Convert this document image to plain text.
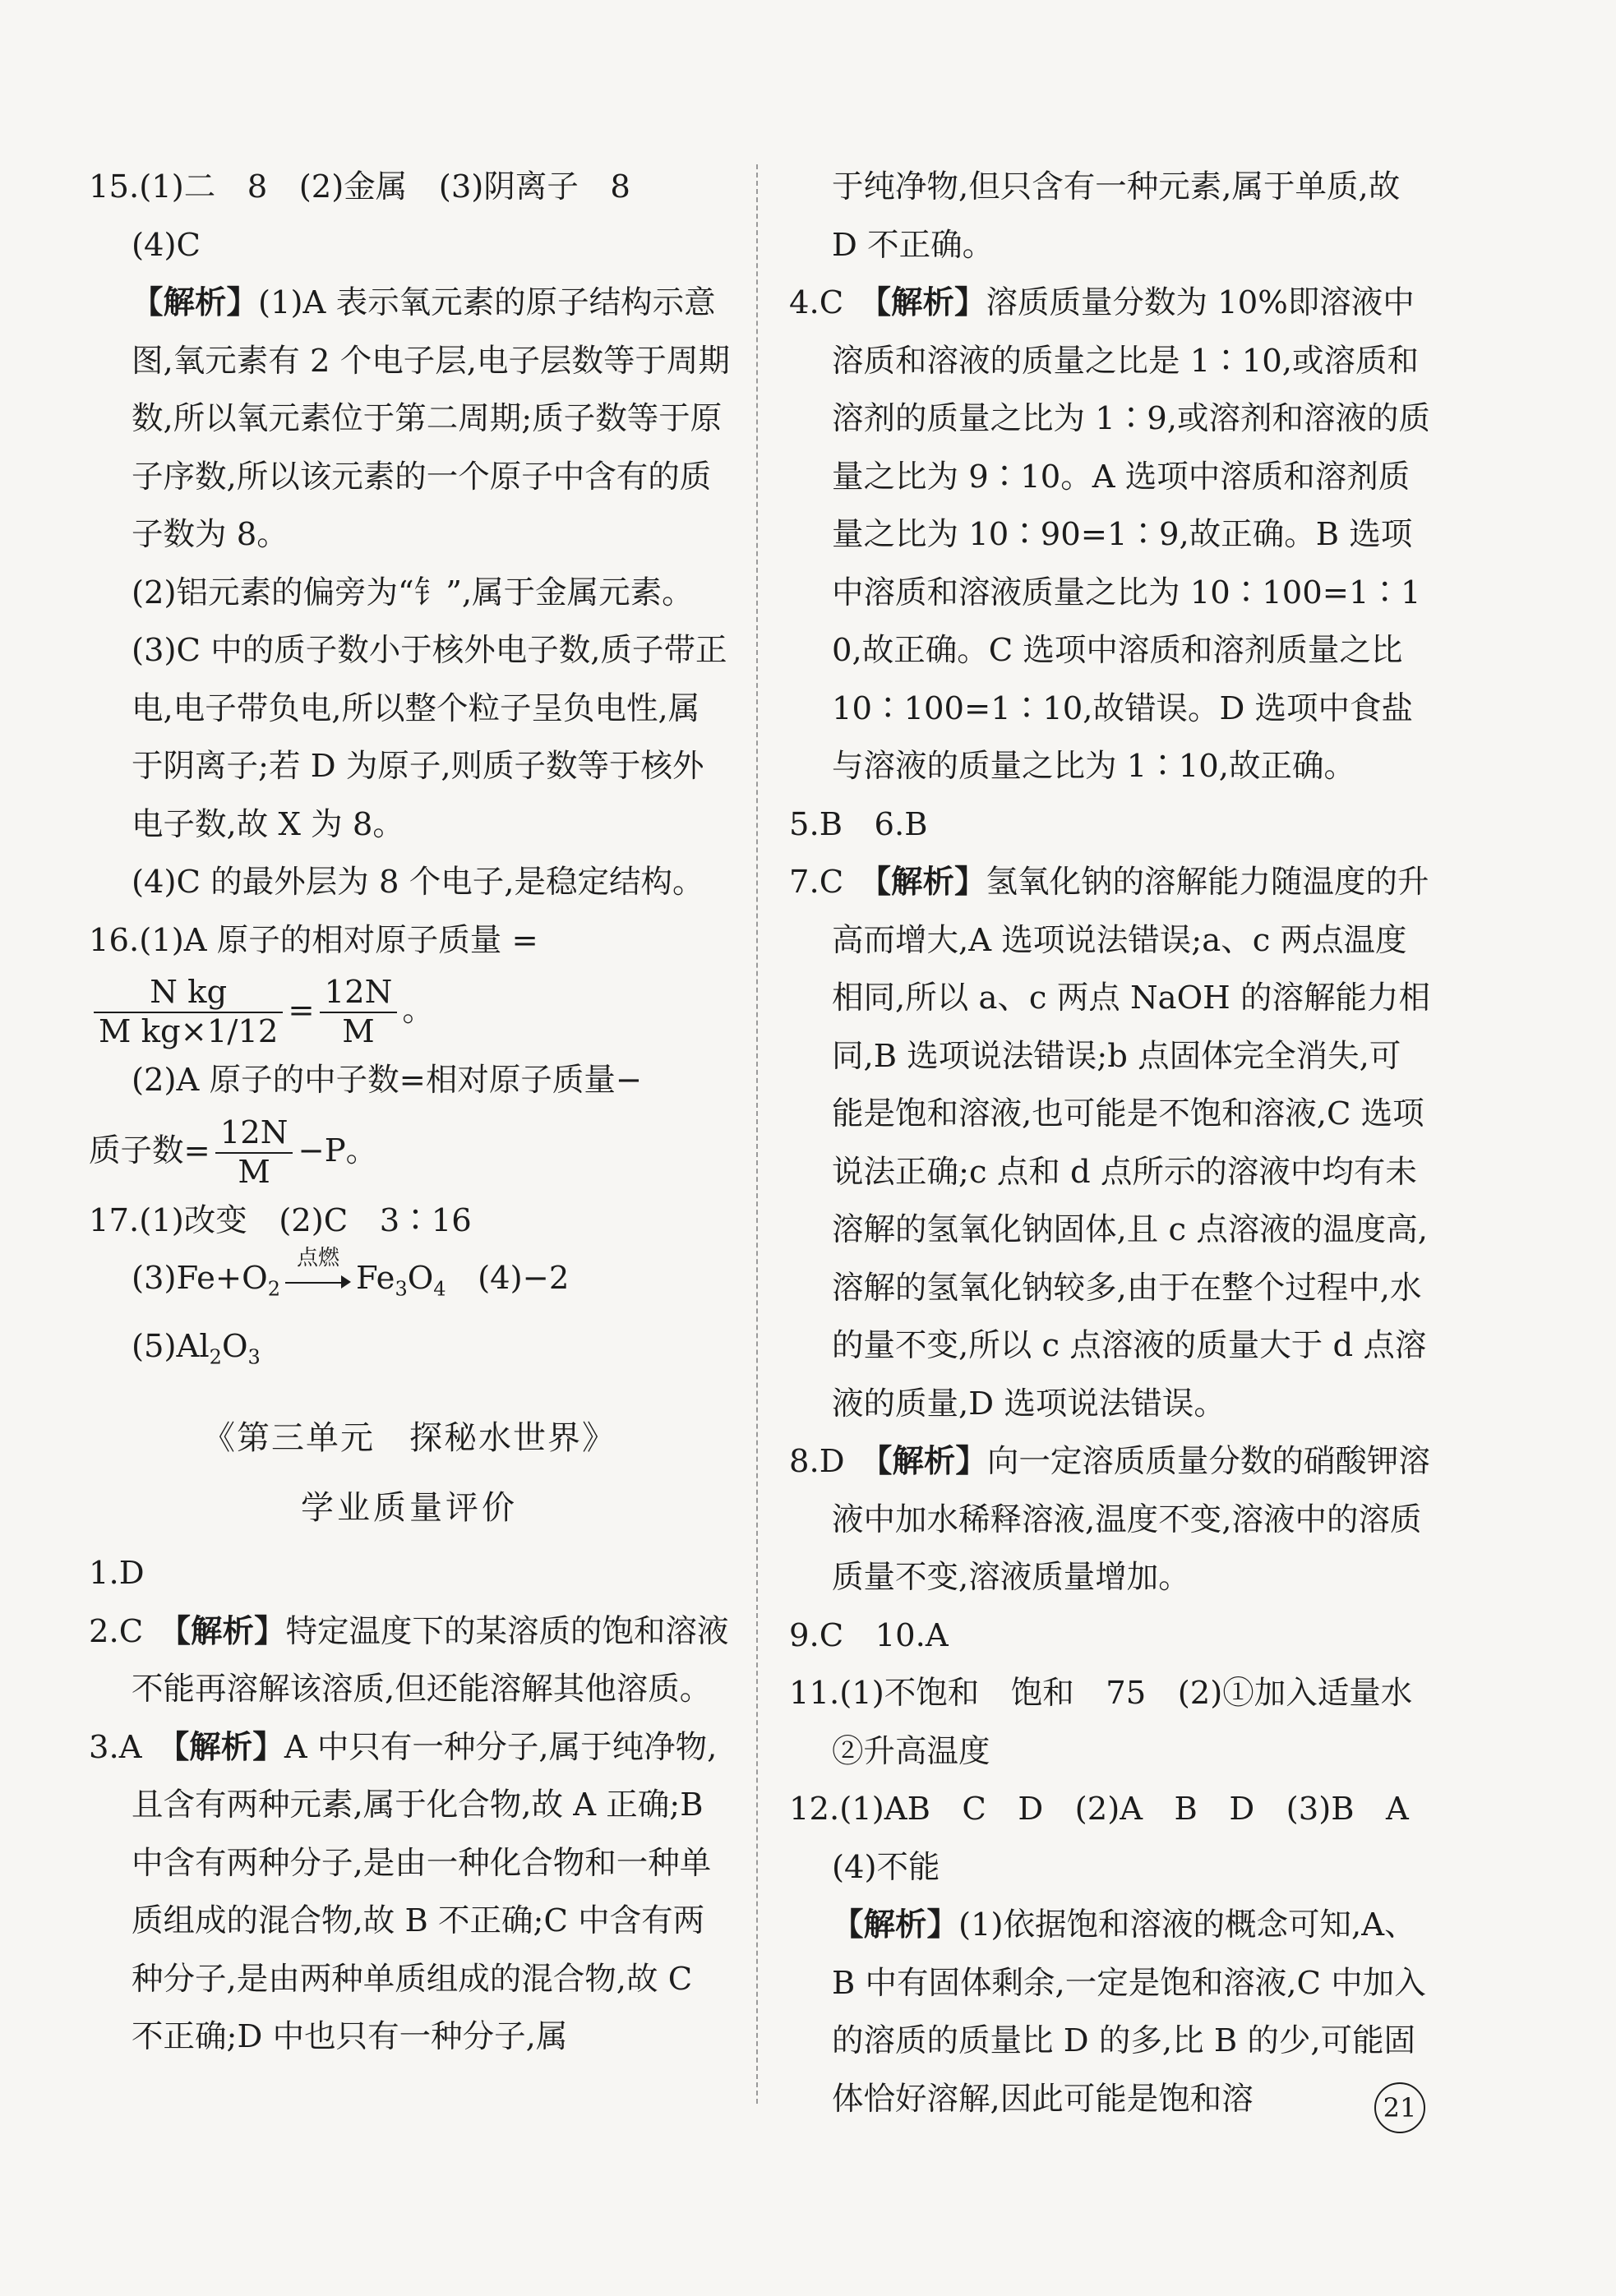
15.(1)二　8　(2)金属　(3)阴离子　8

(4)C

【解析】(1)A 表示氧元素的原子结构示意图,氧元素有 2 个电子层,电子层数等于周期数,所以氧元素位于第二周期;质子数等于原子序数,所以该元素的一个原子中含有的质子数为 8。

(2)铝元素的偏旁为“钅”,属于金属元素。

(3)C 中的质子数小于核外电子数,质子带正电,电子带负电,所以整个粒子呈负电性,属于阴离子;若 D 为原子,则质子数等于核外电子数,故 X 为 8。

(4)C 的最外层为 8 个电子,是稳定结构。

16.(1)A 原子的相对原子质量 =

$\frac{\text{N kg}}{\text{M kg×1/12}} = \frac{12N}{M}$ 。

(2)A 原子的中子数=相对原子质量−

质子数= $\frac{12N}{M} -P$。

17.(1)改变　(2)C　3∶16

$(3)Fe+O_2$
点燃
$Fe_3O_4$　(4)−2

$(5)Al_2O_3$

《第三单元　探秘水世界》

学业质量评价

1.D

2.C　【解析】特定温度下的某溶质的饱和溶液不能再溶解该溶质,但还能溶解其他溶质。

3.A　【解析】A 中只有一种分子,属于纯净物,且含有两种元素,属于化合物,故 A 正确;B 中含有两种分子,是由一种化合物和一种单质组成的混合物,故 B 不正确;C 中含有两种分子,是由两种单质组成的混合物,故 C 不正确;D 中也只有一种分子,属

于纯净物,但只含有一种元素,属于单质,故 D 不正确。

4.C　【解析】溶质质量分数为 10%即溶液中溶质和溶液的质量之比是 1∶10,或溶质和溶剂的质量之比为 1∶9,或溶剂和溶液的质量之比为 9∶10。A 选项中溶质和溶剂质量之比为 10∶90=1∶9,故正确。B 选项中溶质和溶液质量之比为 10∶100=1∶10,故正确。C 选项中溶质和溶剂质量之比 10∶100=1∶10,故错误。D 选项中食盐与溶液的质量之比为 1∶10,故正确。

5.B　6.B

7.C　【解析】氢氧化钠的溶解能力随温度的升高而增大,A 选项说法错误;a、c 两点温度相同,所以 a、c 两点 NaOH 的溶解能力相同,B 选项说法错误;b 点固体完全消失,可能是饱和溶液,也可能是不饱和溶液,C 选项说法正确;c 点和 d 点所示的溶液中均有未溶解的氢氧化钠固体,且 c 点溶液的温度高,溶解的氢氧化钠较多,由于在整个过程中,水的量不变,所以 c 点溶液的质量大于 d 点溶液的质量,D 选项说法错误。

8.D　【解析】向一定溶质质量分数的硝酸钾溶液中加水稀释溶液,温度不变,溶液中的溶质质量不变,溶液质量增加。

9.C　10.A

11.(1)不饱和　饱和　75　(2)①加入适量水　②升高温度

12.(1)AB　C　D　(2)A　B　D　(3)B　A

(4)不能

【解析】(1)依据饱和溶液的概念可知,A、B 中有固体剩余,一定是饱和溶液,C 中加入的溶质的质量比 D 的多,比 B 的少,可能固体恰好溶解,因此可能是饱和溶	21
